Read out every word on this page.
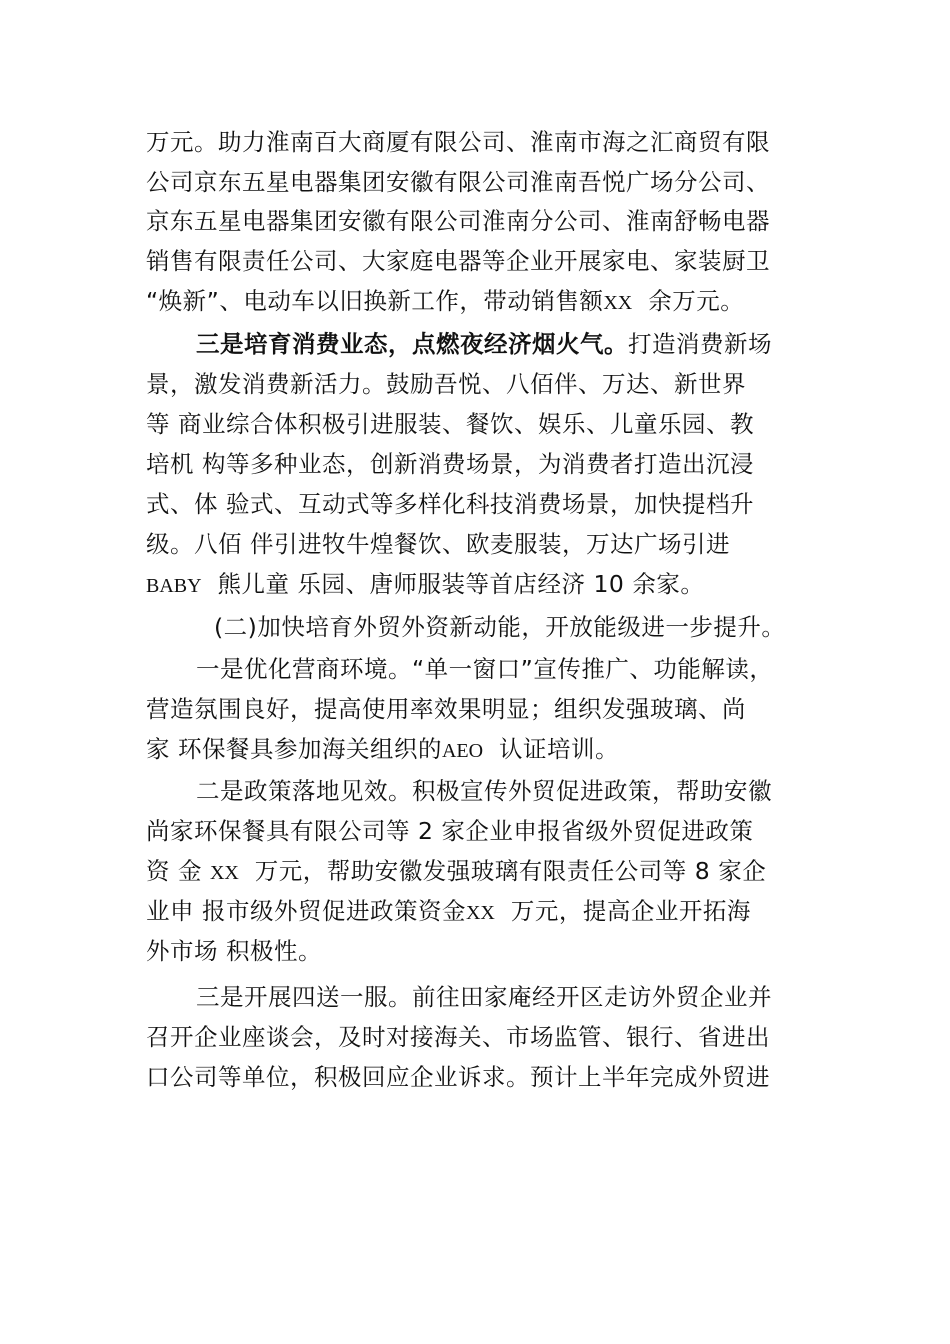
万元。助力淮南百大商厦有限公司、淮南市海之汇商贸有限
公司京东五星电器集团安徽有限公司淮南吾悦广场分公司、
京东五星电器集团安徽有限公司淮南分公司、淮南舒畅电器
销售有限责任公司、大家庭电器等企业开展家电、家装厨卫
“焕新”、电动车以旧换新工作，带动销售额XX  余万元。
三是培育消费业态，点燃夜经济烟火气。打造消费新场
景，激发消费新活力。鼓励吾悦、八佰伴、万达、新世界
等 商业综合体积极引进服装、餐饮、娱乐、儿童乐园、教
培机 构等多种业态，创新消费场景，为消费者打造出沉浸
式、体 验式、互动式等多样化科技消费场景，加快提档升
级。八佰 伴引进牧牛煌餐饮、欧麦服装，万达广场引进
BABY  熊儿童 乐园、唐师服装等首店经济 10 余家。
(二)加快培育外贸外资新动能，开放能级进一步提升。
一是优化营商环境。“单一窗口”宣传推广、功能解读，
营造氛围良好，提高使用率效果明显；组织发强玻璃、尚
家 环保餐具参加海关组织的AEO  认证培训。
二是政策落地见效。积极宣传外贸促进政策，帮助安徽
尚家环保餐具有限公司等 2 家企业申报省级外贸促进政策
资 金 XX  万元，帮助安徽发强玻璃有限责任公司等 8 家企
业申 报市级外贸促进政策资金XX  万元，提高企业开拓海
外市场 积极性。
三是开展四送一服。前往田家庵经开区走访外贸企业并
召开企业座谈会，及时对接海关、市场监管、银行、省进出
口公司等单位，积极回应企业诉求。预计上半年完成外贸进
